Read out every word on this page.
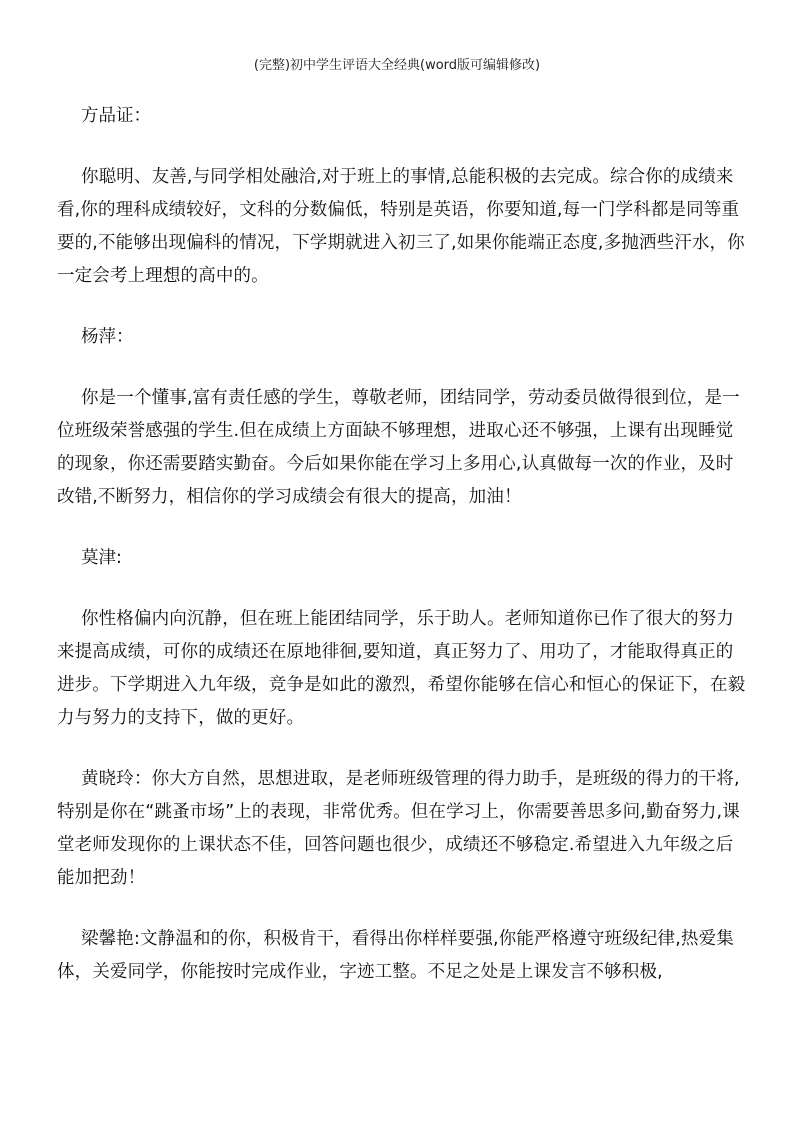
(完整)初中学生评语大全经典(word版可编辑修改)

方品证：

你聪明、友善,与同学相处融洽,对于班上的事情,总能积极的去完成。综合你的成绩来看,你的理科成绩较好，文科的分数偏低，特别是英语，你要知道,每一门学科都是同等重要的,不能够出现偏科的情况，下学期就进入初三了,如果你能端正态度,多抛洒些汗水，你一定会考上理想的高中的。

杨萍：

你是一个懂事,富有责任感的学生，尊敬老师，团结同学，劳动委员做得很到位，是一位班级荣誉感强的学生.但在成绩上方面缺不够理想，进取心还不够强，上课有出现睡觉的现象，你还需要踏实勤奋。今后如果你能在学习上多用心,认真做每一次的作业，及时改错,不断努力，相信你的学习成绩会有很大的提高，加油！

莫津:

你性格偏内向沉静，但在班上能团结同学，乐于助人。老师知道你已作了很大的努力来提高成绩，可你的成绩还在原地徘徊,要知道，真正努力了、用功了，才能取得真正的进步。下学期进入九年级，竞争是如此的激烈，希望你能够在信心和恒心的保证下，在毅力与努力的支持下，做的更好。

黄晓玲：你大方自然，思想进取，是老师班级管理的得力助手，是班级的得力的干将,特别是你在“跳蚤市场”上的表现，非常优秀。但在学习上，你需要善思多问,勤奋努力,课堂老师发现你的上课状态不佳，回答问题也很少，成绩还不够稳定.希望进入九年级之后能加把劲！

梁馨艳:文静温和的你，积极肯干，看得出你样样要强,你能严格遵守班级纪律,热爱集体，关爱同学，你能按时完成作业，字迹工整。不足之处是上课发言不够积极,
